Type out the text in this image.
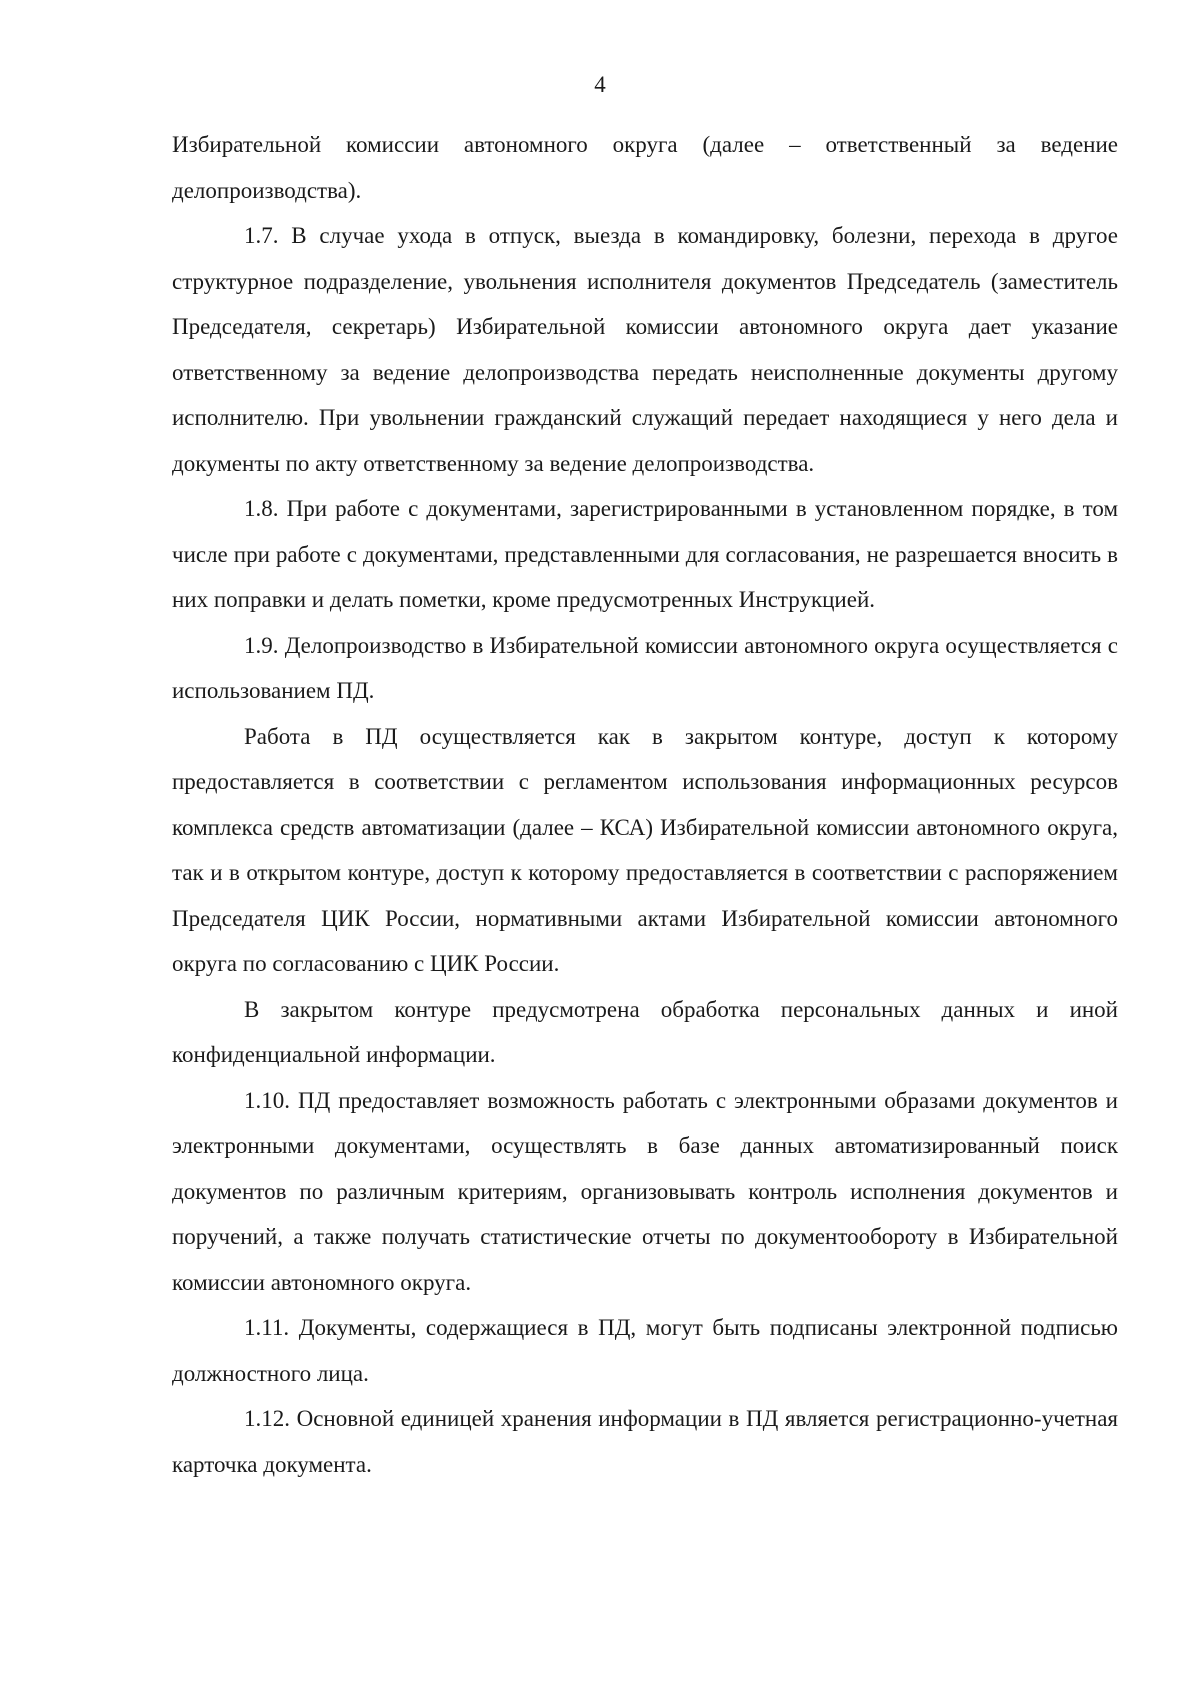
4

Избирательной комиссии автономного округа (далее – ответственный за ведение делопроизводства).

1.7. В случае ухода в отпуск, выезда в командировку, болезни, перехода в другое структурное подразделение, увольнения исполнителя документов Председатель (заместитель Председателя, секретарь) Избирательной комиссии автономного округа дает указание ответственному за ведение делопроизводства передать неисполненные документы другому исполнителю. При увольнении гражданский служащий передает находящиеся у него дела и документы по акту ответственному за ведение делопроизводства.

1.8. При работе с документами, зарегистрированными в установленном порядке, в том числе при работе с документами, представленными для согласования, не разрешается вносить в них поправки и делать пометки, кроме предусмотренных Инструкцией.

1.9. Делопроизводство в Избирательной комиссии автономного округа осуществляется с использованием ПД.

Работа в ПД осуществляется как в закрытом контуре, доступ к которому предоставляется в соответствии с регламентом использования информационных ресурсов комплекса средств автоматизации (далее – КСА) Избирательной комиссии автономного округа, так и в открытом контуре, доступ к которому предоставляется в соответствии с распоряжением Председателя ЦИК России, нормативными актами Избирательной комиссии автономного округа по согласованию с ЦИК России.

В закрытом контуре предусмотрена обработка персональных данных и иной конфиденциальной информации.

1.10. ПД предоставляет возможность работать с электронными образами документов и электронными документами, осуществлять в базе данных автоматизированный поиск документов по различным критериям, организовывать контроль исполнения документов и поручений, а также получать статистические отчеты по документообороту в Избирательной комиссии автономного округа.

1.11. Документы, содержащиеся в ПД, могут быть подписаны электронной подписью должностного лица.

1.12. Основной единицей хранения информации в ПД является регистрационно-учетная карточка документа.
